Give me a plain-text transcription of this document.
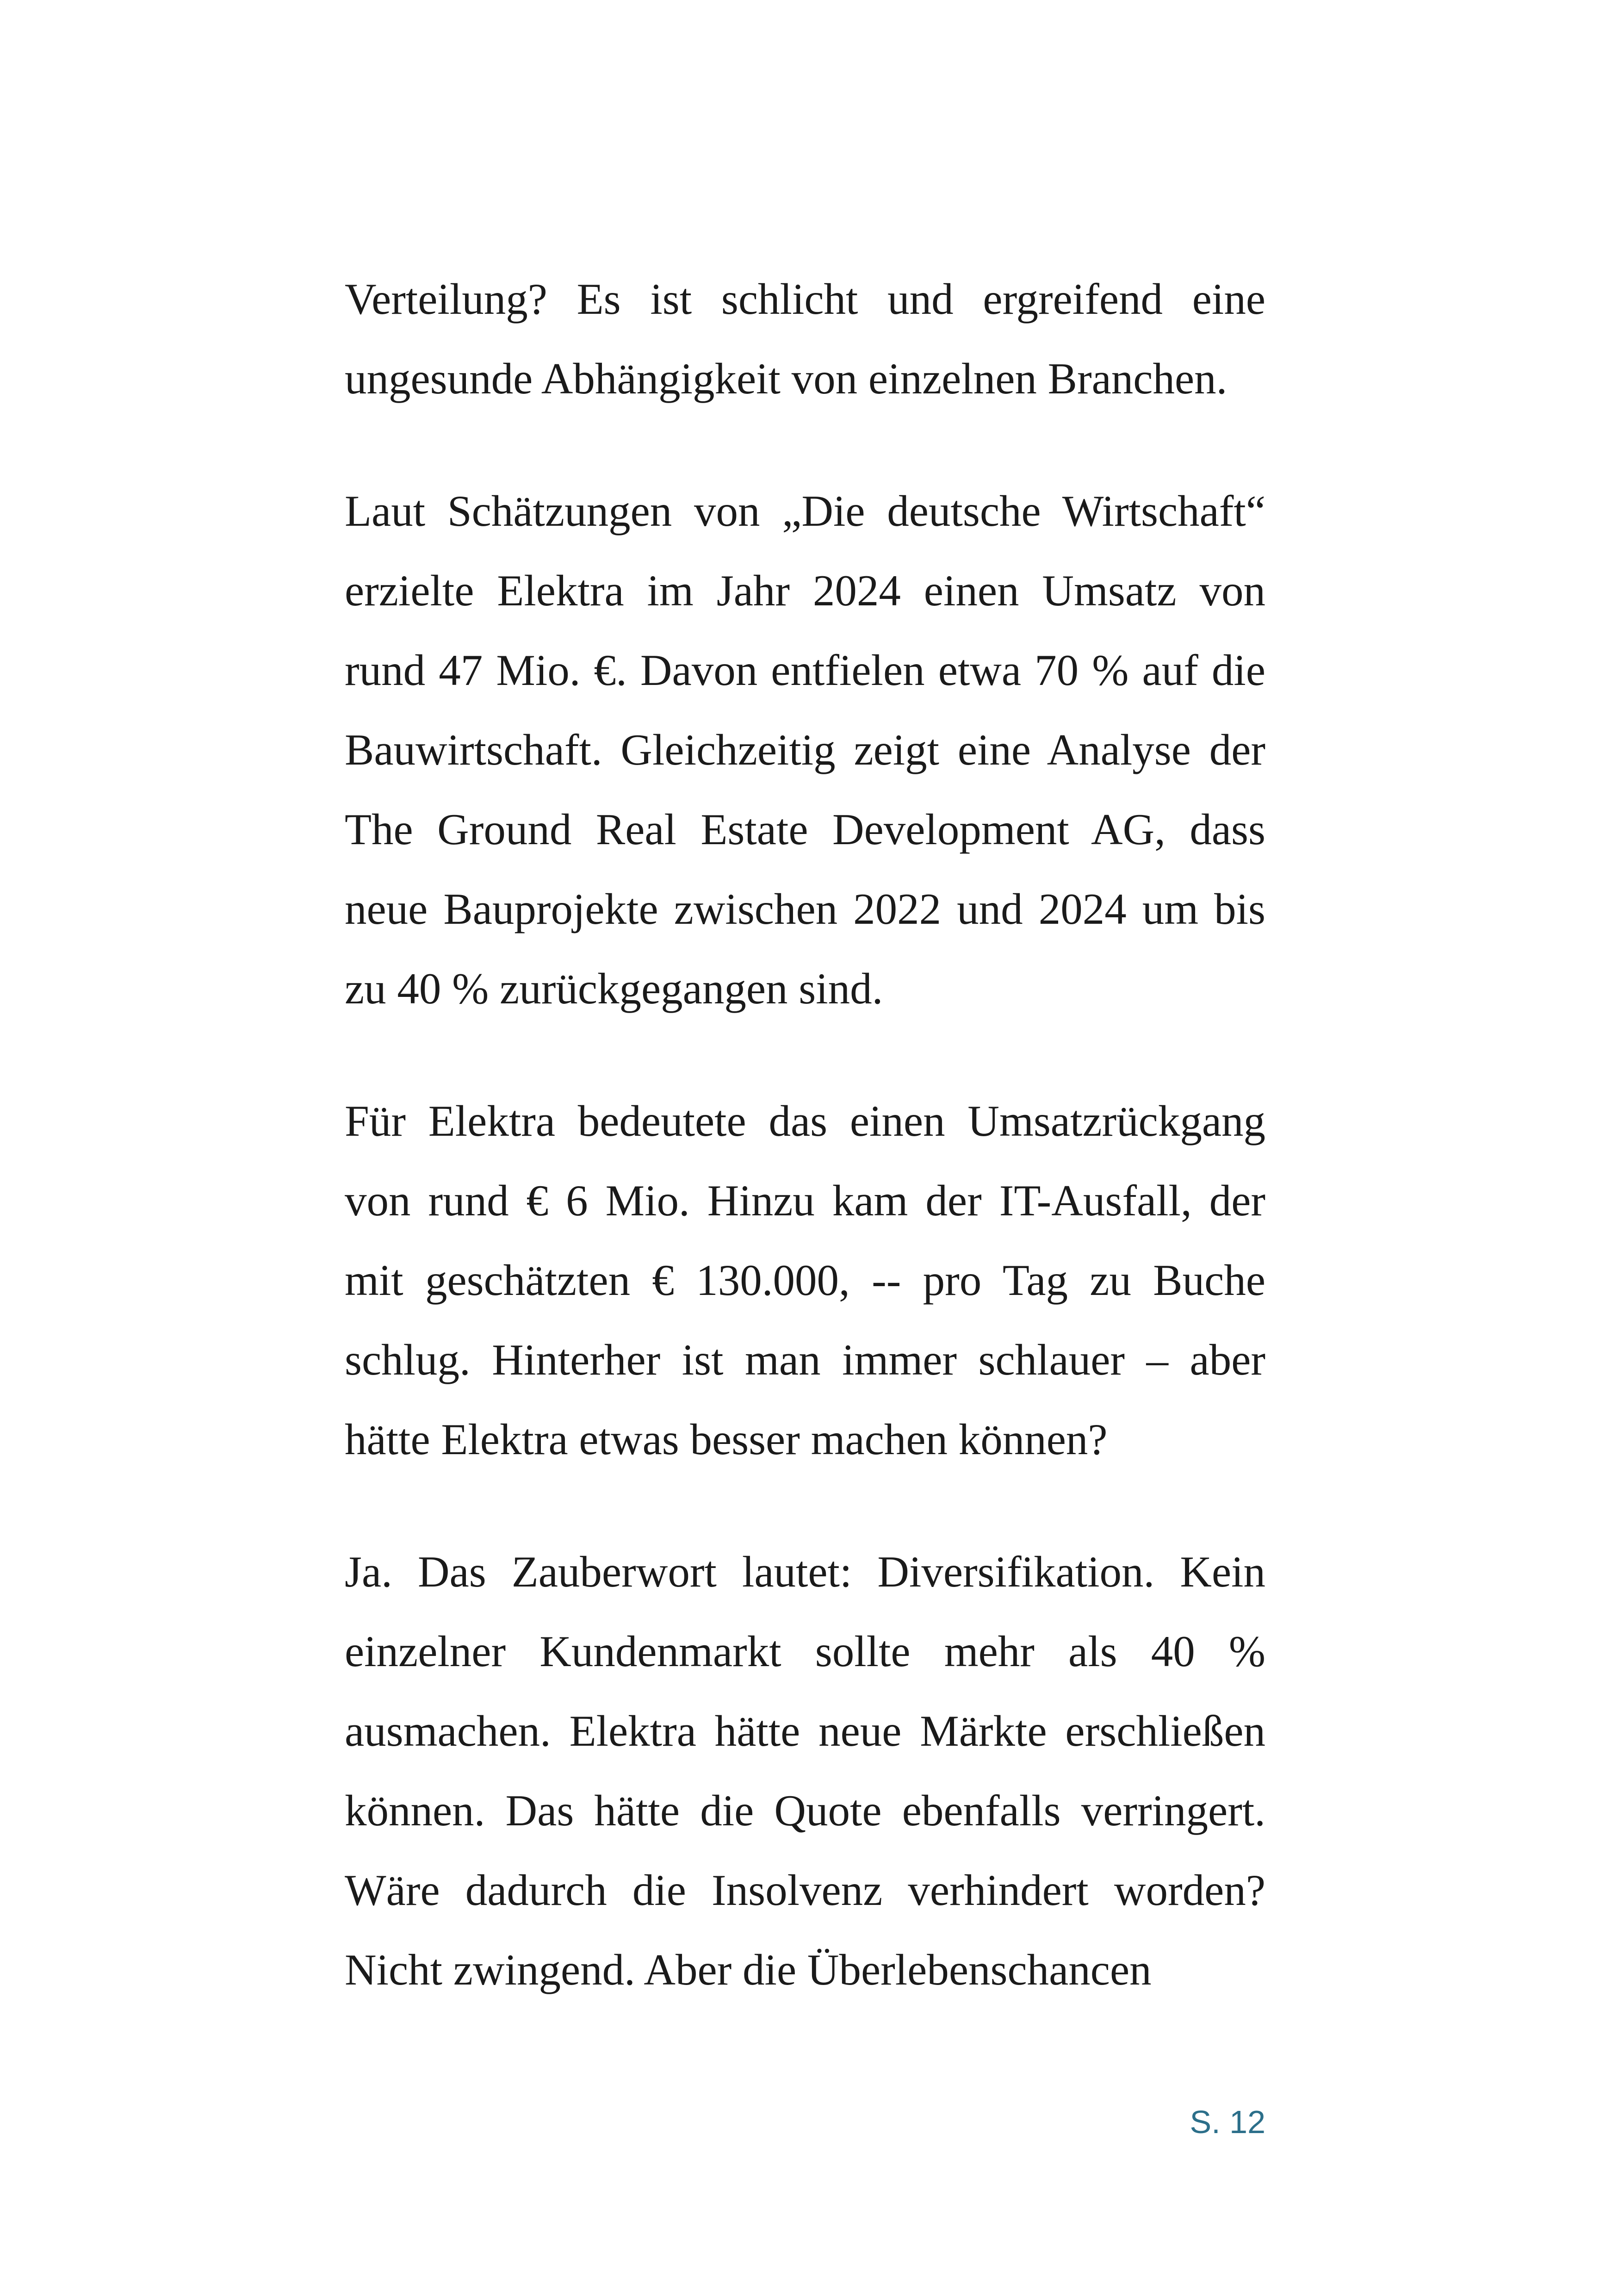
Verteilung? Es ist schlicht und ergreifend eine ungesunde Abhängigkeit von einzelnen Branchen.

Laut Schätzungen von „Die deutsche Wirtschaft“ erzielte Elektra im Jahr 2024 einen Umsatz von rund 47 Mio. €. Davon entfielen etwa 70 % auf die Bauwirtschaft. Gleichzeitig zeigt eine Analyse der The Ground Real Estate Development AG, dass neue Bauprojekte zwischen 2022 und 2024 um bis zu 40 % zurückgegangen sind.

Für Elektra bedeutete das einen Umsatzrückgang von rund € 6 Mio. Hinzu kam der IT-Ausfall, der mit geschätzten € 130.000, -- pro Tag zu Buche schlug. Hinterher ist man immer schlauer – aber hätte Elektra etwas besser machen können?

Ja. Das Zauberwort lautet: Diversifikation. Kein einzelner Kundenmarkt sollte mehr als 40 % ausmachen. Elektra hätte neue Märkte erschließen können. Das hätte die Quote ebenfalls verringert. Wäre dadurch die Insolvenz verhindert worden? Nicht zwingend. Aber die Überlebenschancen

S. 12
